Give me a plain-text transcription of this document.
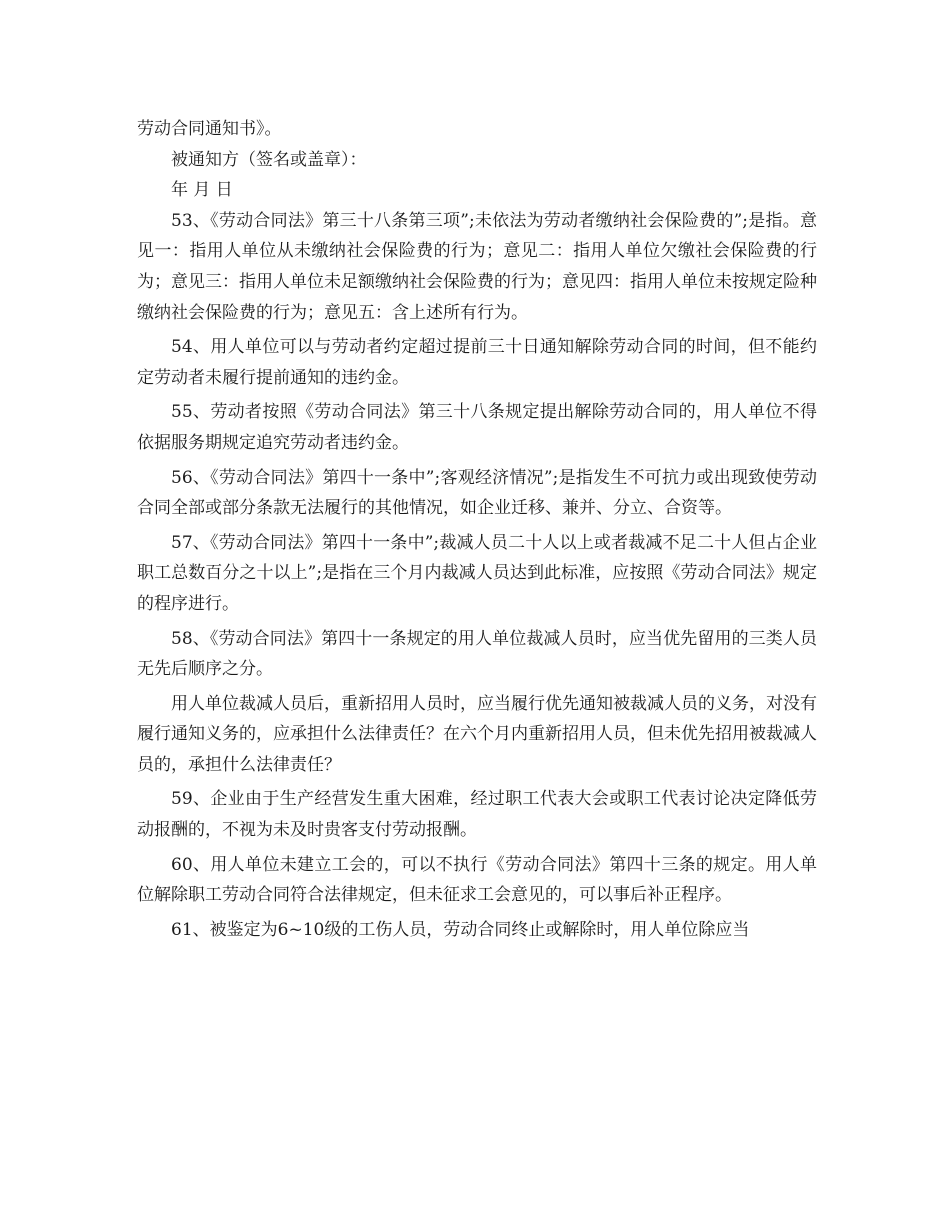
劳动合同通知书》。

被通知方（签名或盖章）：

年 月 日

53、《劳动合同法》第三十八条第三项”;未依法为劳动者缴纳社会保险费的”;是指。意见一：指用人单位从未缴纳社会保险费的行为；意见二：指用人单位欠缴社会保险费的行为；意见三：指用人单位未足额缴纳社会保险费的行为；意见四：指用人单位未按规定险种缴纳社会保险费的行为；意见五：含上述所有行为。

54、用人单位可以与劳动者约定超过提前三十日通知解除劳动合同的时间，但不能约定劳动者未履行提前通知的违约金。

55、劳动者按照《劳动合同法》第三十八条规定提出解除劳动合同的，用人单位不得依据服务期规定追究劳动者违约金。

56、《劳动合同法》第四十一条中”;客观经济情况”;是指发生不可抗力或出现致使劳动合同全部或部分条款无法履行的其他情况，如企业迁移、兼并、分立、合资等。

57、《劳动合同法》第四十一条中”;裁减人员二十人以上或者裁减不足二十人但占企业职工总数百分之十以上”;是指在三个月内裁减人员达到此标准，应按照《劳动合同法》规定的程序进行。

58、《劳动合同法》第四十一条规定的用人单位裁减人员时，应当优先留用的三类人员无先后顺序之分。

用人单位裁减人员后，重新招用人员时，应当履行优先通知被裁减人员的义务，对没有履行通知义务的，应承担什么法律责任？在六个月内重新招用人员，但未优先招用被裁减人员的，承担什么法律责任？

59、企业由于生产经营发生重大困难，经过职工代表大会或职工代表讨论决定降低劳动报酬的，不视为未及时贵客支付劳动报酬。

60、用人单位未建立工会的，可以不执行《劳动合同法》第四十三条的规定。用人单位解除职工劳动合同符合法律规定，但未征求工会意见的，可以事后补正程序。

61、被鉴定为6~10级的工伤人员，劳动合同终止或解除时，用人单位除应当
